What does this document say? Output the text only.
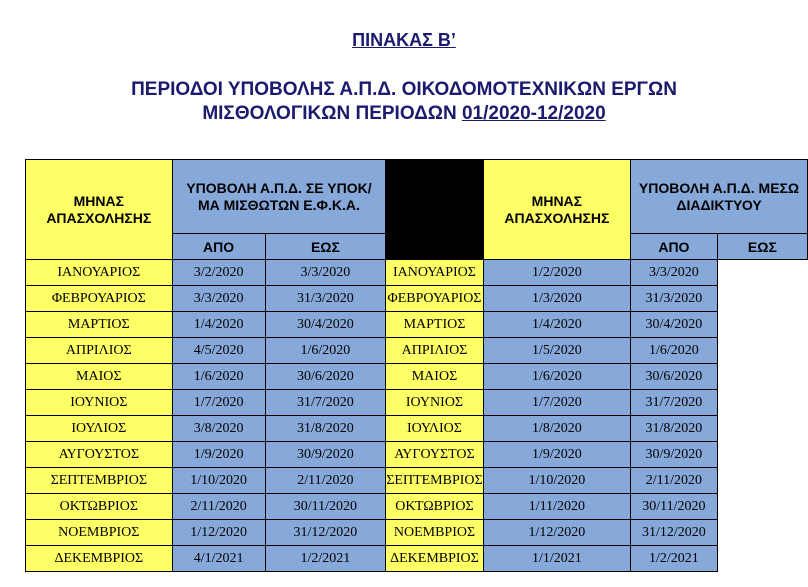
ΠΙΝΑΚΑΣ Β’
ΠΕΡΙΟΔΟΙ ΥΠΟΒΟΛΗΣ Α.Π.Δ. ΟΙΚΟΔΟΜΟΤΕΧΝΙΚΩΝ ΕΡΓΩΝ
ΜΙΣΘΟΛΟΓΙΚΩΝ ΠΕΡΙΟΔΩΝ 01/2020-12/2020
ΜΗΝΑΣ ΑΠΑΣΧΟΛΗΣΗΣ	ΥΠΟΒΟΛΗ Α.Π.Δ. ΣΕ ΥΠΟΚ/ΜΑ ΜΙΣΘΩΤΩΝ Ε.Φ.Κ.Α.			ΜΗΝΑΣ ΑΠΑΣΧΟΛΗΣΗΣ	ΥΠΟΒΟΛΗ Α.Π.Δ. ΜΕΣΩ ΔΙΑΔΙΚΤΥΟΥ	
	ΑΠΟ	ΕΩΣ			ΑΠΟ	ΕΩΣ
ΙΑΝΟΥΑΡΙΟΣ	3/2/2020	3/3/2020	ΙΑΝΟΥΑΡΙΟΣ	1/2/2020	3/3/2020	
ΦΕΒΡΟΥΑΡΙΟΣ	3/3/2020	31/3/2020	ΦΕΒΡΟΥΑΡΙΟΣ	1/3/2020	31/3/2020	
ΜΑΡΤΙΟΣ	1/4/2020	30/4/2020	ΜΑΡΤΙΟΣ	1/4/2020	30/4/2020	
ΑΠΡΙΛΙΟΣ	4/5/2020	1/6/2020	ΑΠΡΙΛΙΟΣ	1/5/2020	1/6/2020	
ΜΑΙΟΣ	1/6/2020	30/6/2020	ΜΑΙΟΣ	1/6/2020	30/6/2020	
ΙΟΥΝΙΟΣ	1/7/2020	31/7/2020	ΙΟΥΝΙΟΣ	1/7/2020	31/7/2020	
ΙΟΥΛΙΟΣ	3/8/2020	31/8/2020	ΙΟΥΛΙΟΣ	1/8/2020	31/8/2020	
ΑΥΓΟΥΣΤΟΣ	1/9/2020	30/9/2020	ΑΥΓΟΥΣΤΟΣ	1/9/2020	30/9/2020	
ΣΕΠΤΕΜΒΡΙΟΣ	1/10/2020	2/11/2020	ΣΕΠΤΕΜΒΡΙΟΣ	1/10/2020	2/11/2020	
ΟΚΤΩΒΡΙΟΣ	2/11/2020	30/11/2020	ΟΚΤΩΒΡΙΟΣ	1/11/2020	30/11/2020	
ΝΟΕΜΒΡΙΟΣ	1/12/2020	31/12/2020	ΝΟΕΜΒΡΙΟΣ	1/12/2020	31/12/2020	
ΔΕΚΕΜΒΡΙΟΣ	4/1/2021	1/2/2021	ΔΕΚΕΜΒΡΙΟΣ	1/1/2021	1/2/2021	
